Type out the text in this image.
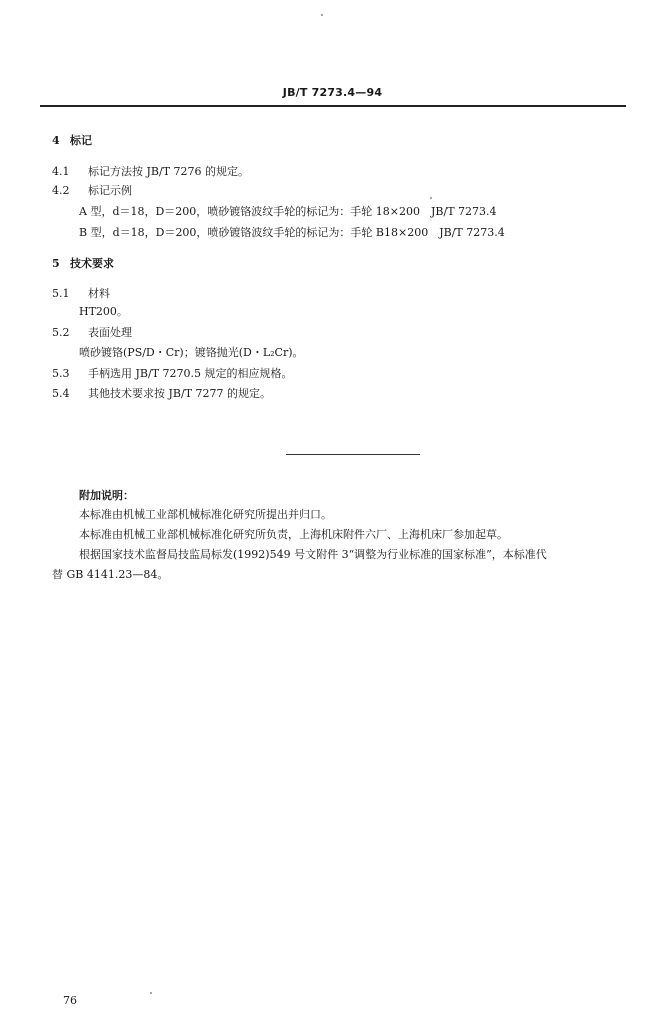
JB/T 7273.4—94
4 标记
4.1 标记方法按 JB/T 7276 的规定。
4.2 标记示例
A 型，d＝18，D＝200，喷砂镀铬波纹手轮的标记为：手轮 18×200　JB/T 7273.4
B 型，d＝18，D＝200，喷砂镀铬波纹手轮的标记为：手轮 B18×200　JB/T 7273.4
5 技术要求
5.1 材料
HT200。
5.2 表面处理
喷砂镀铬(PS/D・Cr)；镀铬抛光(D・L₂Cr)。
5.3 手柄选用 JB/T 7270.5 规定的相应规格。
5.4 其他技术要求按 JB/T 7277 的规定。
附加说明：
本标准由机械工业部机械标准化研究所提出并归口。
本标准由机械工业部机械标准化研究所负责，上海机床附件六厂、上海机床厂参加起草。
根据国家技术监督局技监局标发(1992)549 号文附件 3“调整为行业标准的国家标准”，本标准代
替 GB 4141.23—84。
76
